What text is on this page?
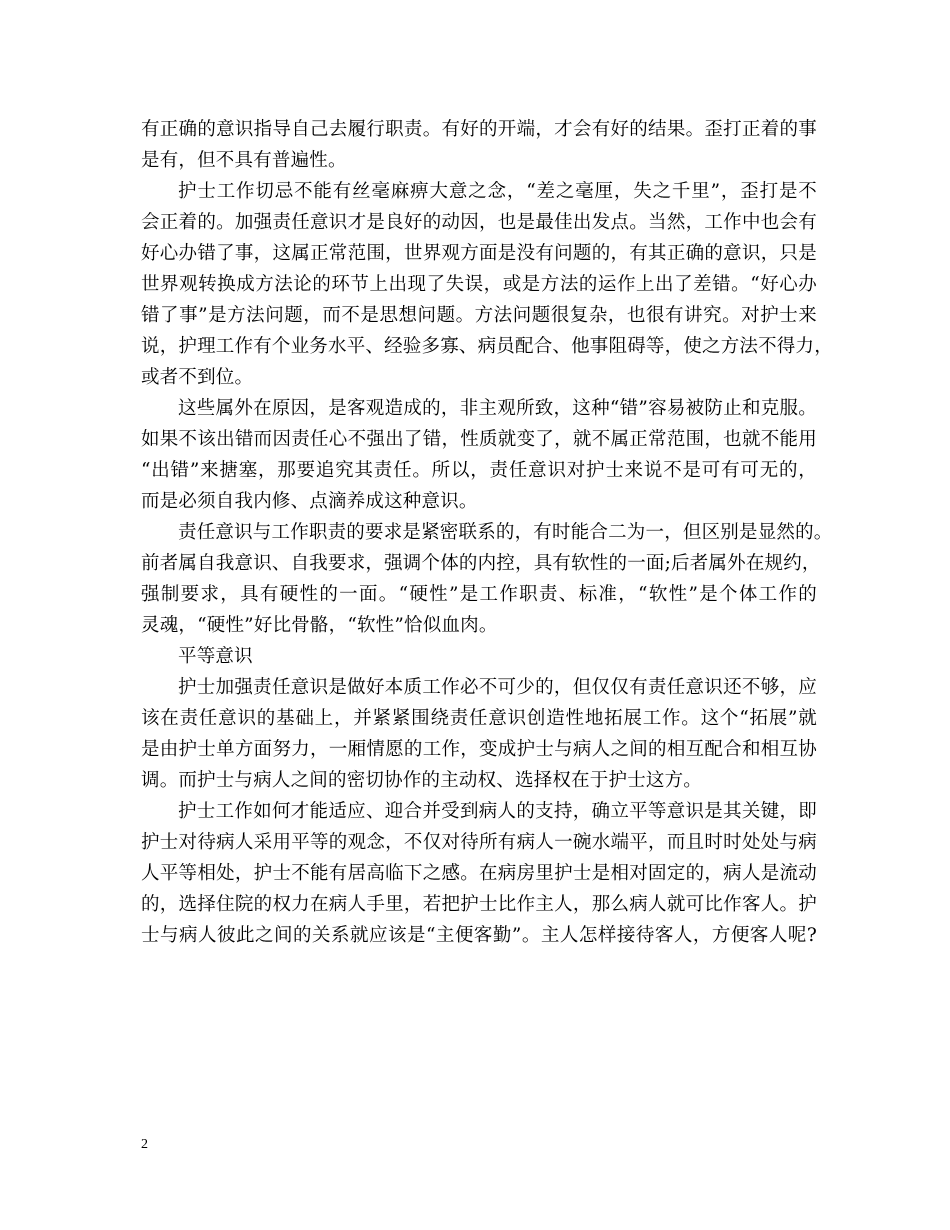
有正确的意识指导自己去履行职责。有好的开端，才会有好的结果。歪打正着的事
是有，但不具有普遍性。
护士工作切忌不能有丝毫麻痹大意之念，“差之毫厘，失之千里”，歪打是不
会正着的。加强责任意识才是良好的动因，也是最佳出发点。当然，工作中也会有
好心办错了事，这属正常范围，世界观方面是没有问题的，有其正确的意识，只是
世界观转换成方法论的环节上出现了失误，或是方法的运作上出了差错。“好心办
错了事”是方法问题，而不是思想问题。方法问题很复杂，也很有讲究。对护士来
说，护理工作有个业务水平、经验多寡、病员配合、他事阻碍等，使之方法不得力，
或者不到位。
这些属外在原因，是客观造成的，非主观所致，这种“错”容易被防止和克服。
如果不该出错而因责任心不强出了错，性质就变了，就不属正常范围，也就不能用
“出错”来搪塞，那要追究其责任。所以，责任意识对护士来说不是可有可无的，
而是必须自我内修、点滴养成这种意识。
责任意识与工作职责的要求是紧密联系的，有时能合二为一，但区别是显然的。
前者属自我意识、自我要求，强调个体的内控，具有软性的一面;后者属外在规约，
强制要求，具有硬性的一面。“硬性”是工作职责、标准，“软性”是个体工作的
灵魂，“硬性”好比骨骼，“软性”恰似血肉。
平等意识
护士加强责任意识是做好本质工作必不可少的，但仅仅有责任意识还不够，应
该在责任意识的基础上，并紧紧围绕责任意识创造性地拓展工作。这个“拓展”就
是由护士单方面努力，一厢情愿的工作，变成护士与病人之间的相互配合和相互协
调。而护士与病人之间的密切协作的主动权、选择权在于护士这方。
护士工作如何才能适应、迎合并受到病人的支持，确立平等意识是其关键，即
护士对待病人采用平等的观念，不仅对待所有病人一碗水端平，而且时时处处与病
人平等相处，护士不能有居高临下之感。在病房里护士是相对固定的，病人是流动
的，选择住院的权力在病人手里，若把护士比作主人，那么病人就可比作客人。护
士与病人彼此之间的关系就应该是“主便客勤”。主人怎样接待客人，方便客人呢?
2
